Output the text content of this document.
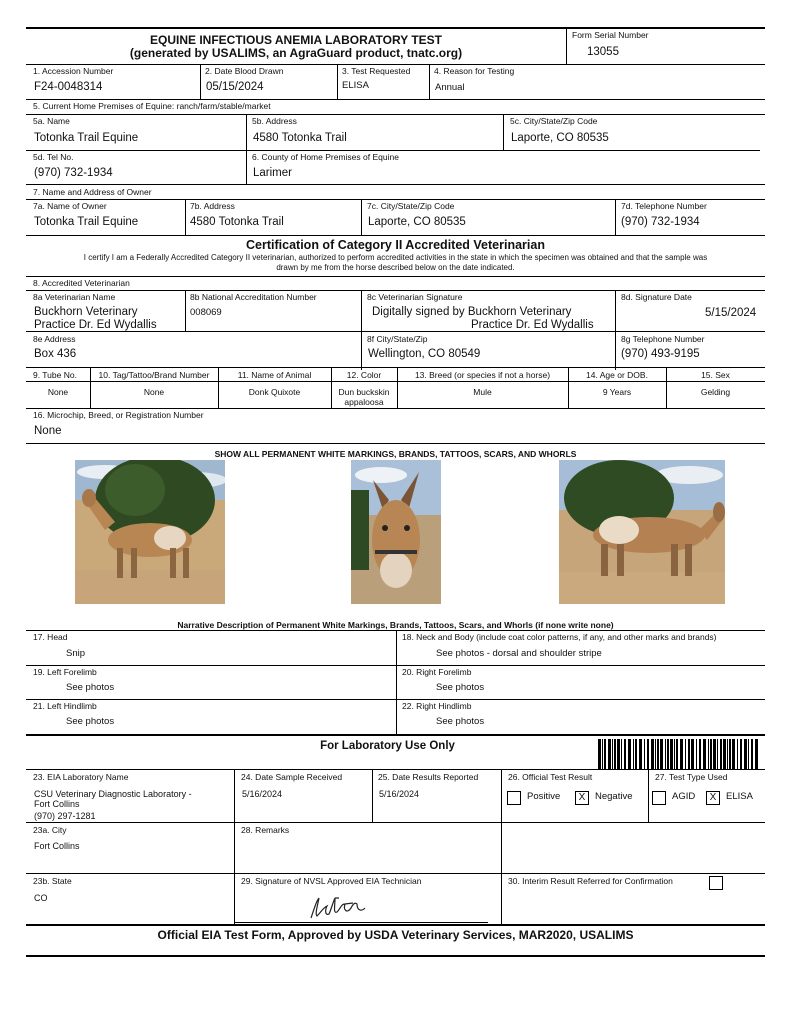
EQUINE INFECTIOUS ANEMIA LABORATORY TEST
(generated by USALIMS, an AgraGuard product, tnatc.org)
Form Serial Number
13055
1. Accession Number
F24-0048314
2. Date Blood Drawn
05/15/2024
3. Test Requested
ELISA
4. Reason for Testing
Annual
5. Current Home Premises of Equine: ranch/farm/stable/market
5a. Name
Totonka Trail Equine
5b. Address
4580 Totonka Trail
5c. City/State/Zip Code
Laporte, CO 80535
5d. Tel No.
(970) 732-1934
6. County of Home Premises of Equine
Larimer
7. Name and Address of Owner
7a. Name of Owner
Totonka Trail Equine
7b. Address
4580 Totonka Trail
7c. City/State/Zip Code
Laporte, CO 80535
7d. Telephone Number
(970) 732-1934
Certification of Category II Accredited Veterinarian
I certify I am a Federally Accredited Category II veterinarian, authorized to perform accredited activities in the state in which the specimen was obtained and that the sample was
drawn by me from the horse described below on the date indicated.
8. Accredited Veterinarian
8a Veterinarian Name
Buckhorn Veterinary
Practice Dr. Ed Wydallis
8b National Accreditation Number
008069
8c Veterinarian Signature
Digitally signed by Buckhorn Veterinary
Practice Dr. Ed Wydallis
8d. Signature Date
5/15/2024
8e Address
Box 436
8f City/State/Zip
Wellington, CO 80549
8g Telephone Number
(970) 493-9195
9. Tube No.
None
10. Tag/Tattoo/Brand Number
None
11. Name of Animal
Donk Quixote
12. Color
Dun buckskin
appaloosa
13. Breed (or species if not a horse)
Mule
14. Age or DOB.
9 Years
15. Sex
Gelding
16. Microchip, Breed, or Registration Number
None
SHOW ALL PERMANENT WHITE MARKINGS, BRANDS, TATTOOS, SCARS, AND WHORLS
Narrative Description of Permanent White Markings, Brands, Tattoos, Scars, and Whorls (if none write none)
17. Head
Snip
18. Neck and Body (include coat color patterns, if any, and other marks and brands)
See photos - dorsal and shoulder stripe
19. Left Forelimb
See photos
20. Right Forelimb
See photos
21. Left Hindlimb
See photos
22. Right Hindlimb
See photos
For Laboratory Use Only
23. EIA Laboratory Name
CSU Veterinary Diagnostic Laboratory -
Fort Collins
(970) 297-1281
24. Date Sample Received
5/16/2024
25. Date Results Reported
5/16/2024
26. Official Test Result
Positive	X	Negative
27. Test Type Used
AGID	X	ELISA
23a. City
Fort Collins
28. Remarks
23b. State
CO
29. Signature of NVSL Approved EIA Technician	30. Interim Result Referred for Confirmation
Official EIA Test Form, Approved by USDA Veterinary Services, MAR2020, USALIMS
